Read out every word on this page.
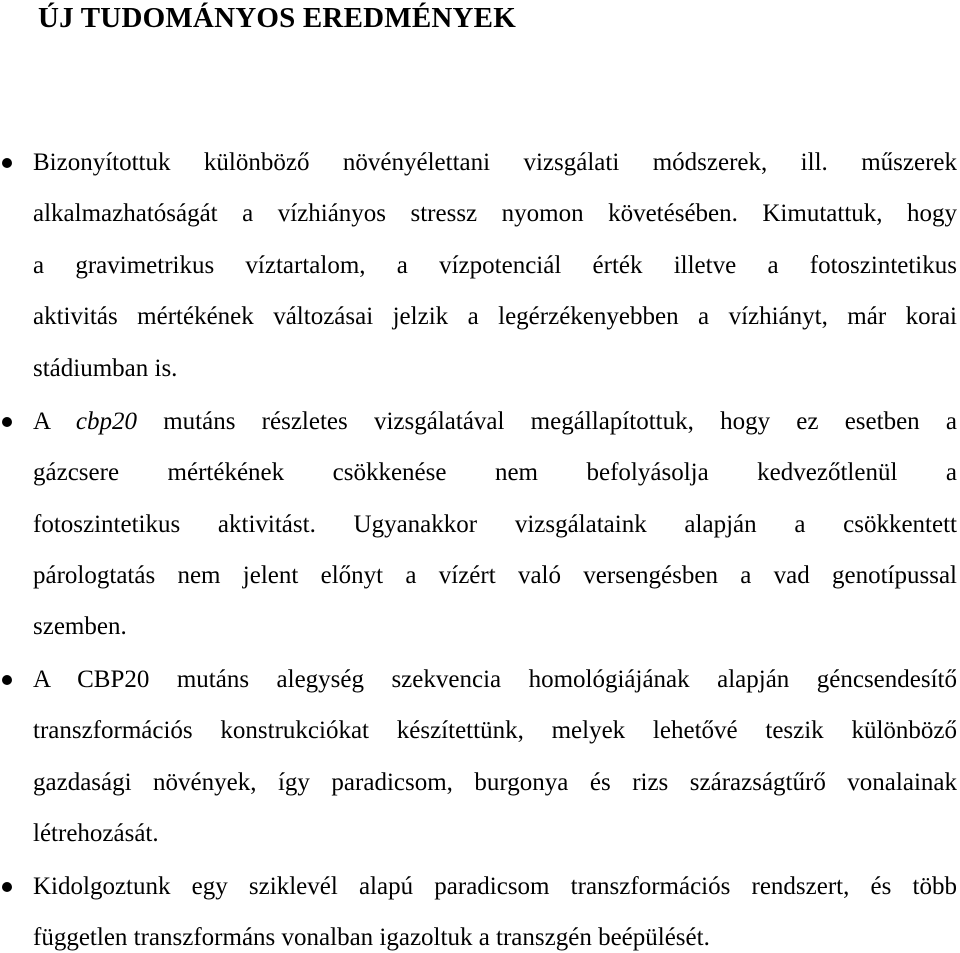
ÚJ TUDOMÁNYOS EREDMÉNYEK
Bizonyítottuk különböző növényélettani vizsgálati módszerek, ill. műszerek
alkalmazhatóságát a vízhiányos stressz nyomon követésében. Kimutattuk, hogy
a gravimetrikus víztartalom, a vízpotenciál érték illetve a fotoszintetikus
aktivitás mértékének változásai jelzik a legérzékenyebben a vízhiányt, már korai
stádiumban is.
A cbp20 mutáns részletes vizsgálatával megállapítottuk, hogy ez esetben a
gázcsere mértékének csökkenése nem befolyásolja kedvezőtlenül a
fotoszintetikus aktivitást. Ugyanakkor vizsgálataink alapján a csökkentett
párologtatás nem jelent előnyt a vízért való versengésben a vad genotípussal
szemben.
A CBP20 mutáns alegység szekvencia homológiájának alapján géncsendesítő
transzformációs konstrukciókat készítettünk, melyek lehetővé teszik különböző
gazdasági növények, így paradicsom, burgonya és rizs szárazságtűrő vonalainak
létrehozását.
Kidolgoztunk egy sziklevél alapú paradicsom transzformációs rendszert, és több
független transzformáns vonalban igazoltuk a transzgén beépülését.
